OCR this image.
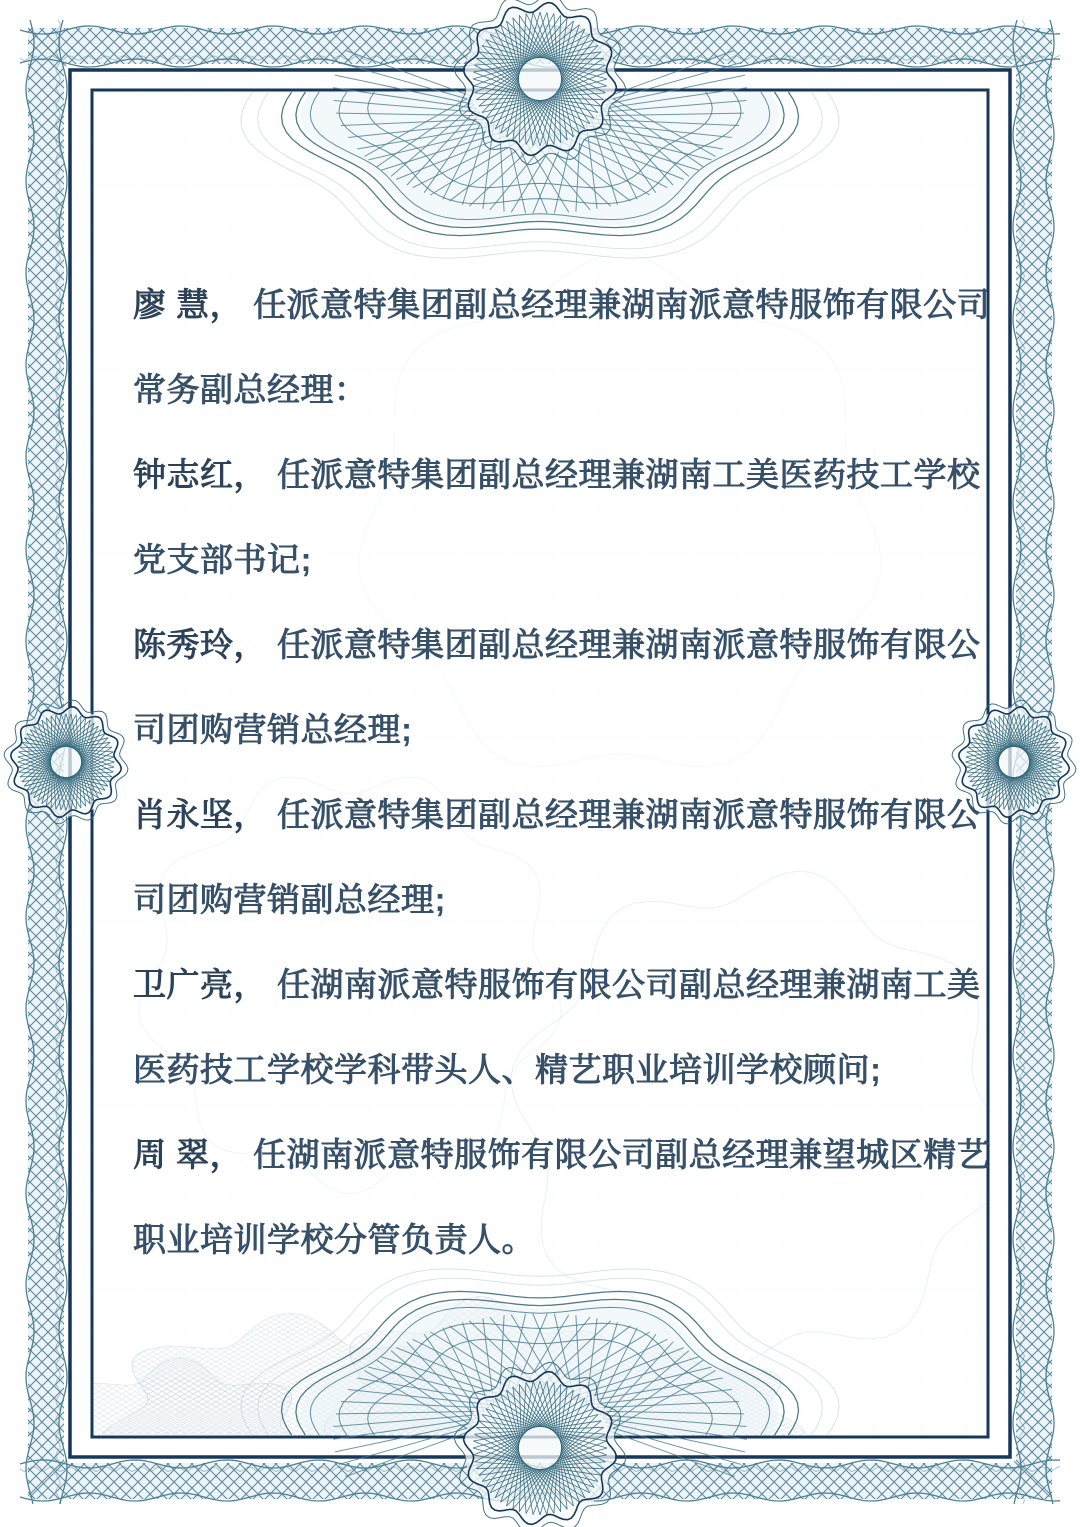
廖 慧， 任派意特集团副总经理兼湖南派意特服饰有限公司
常务副总经理：
钟志红， 任派意特集团副总经理兼湖南工美医药技工学校
党支部书记;
陈秀玲， 任派意特集团副总经理兼湖南派意特服饰有限公
司团购营销总经理;
肖永坚， 任派意特集团副总经理兼湖南派意特服饰有限公
司团购营销副总经理;
卫广亮， 任湖南派意特服饰有限公司副总经理兼湖南工美
医药技工学校学科带头人、精艺职业培训学校顾问;
周 翠， 任湖南派意特服饰有限公司副总经理兼望城区精艺
职业培训学校分管负责人。
